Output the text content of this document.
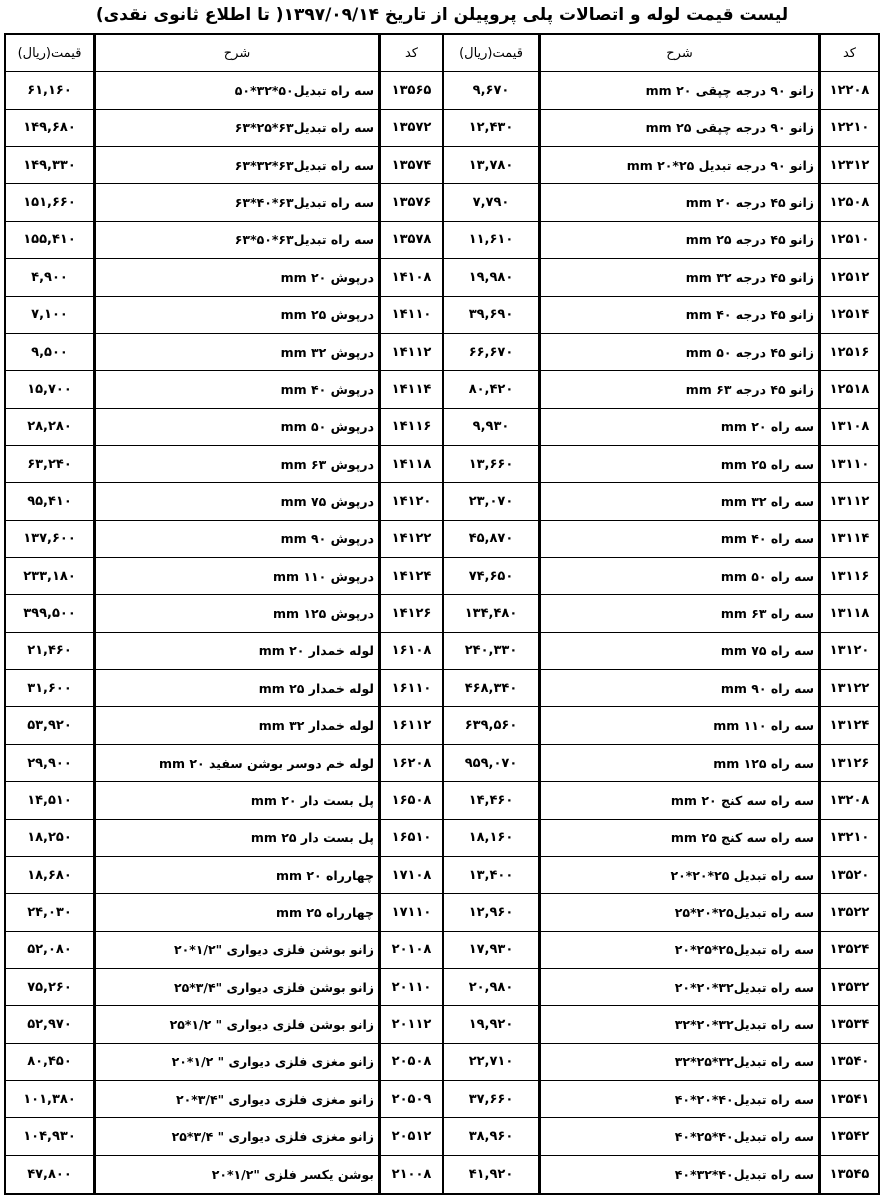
لیست قیمت لوله و اتصالات پلی پروپیلن از تاریخ ۱۳۹۷/۰۹/۱۴( تا اطلاع ثانوی نقدی)
کد
شرح
قیمت(ریال)
۱۲۲۰۸
زانو ۹۰ درجه چپقی ۲۰ mm
۹,۶۷۰
۱۲۲۱۰
زانو ۹۰ درجه چپقی ۲۵ mm
۱۲,۴۳۰
۱۲۳۱۲
زانو ۹۰ درجه تبدیل ۲۵*۲۰ mm
۱۳,۷۸۰
۱۲۵۰۸
زانو ۴۵ درجه ۲۰ mm
۷,۷۹۰
۱۲۵۱۰
زانو ۴۵ درجه ۲۵ mm
۱۱,۶۱۰
۱۲۵۱۲
زانو ۴۵ درجه ۳۲ mm
۱۹,۹۸۰
۱۲۵۱۴
زانو ۴۵ درجه ۴۰ mm
۳۹,۶۹۰
۱۲۵۱۶
زانو ۴۵ درجه ۵۰ mm
۶۶,۶۷۰
۱۲۵۱۸
زانو ۴۵ درجه ۶۳ mm
۸۰,۴۲۰
۱۳۱۰۸
سه راه ۲۰ mm
۹,۹۳۰
۱۳۱۱۰
سه راه ۲۵ mm
۱۳,۶۶۰
۱۳۱۱۲
سه راه ۳۲ mm
۲۳,۰۷۰
۱۳۱۱۴
سه راه ۴۰ mm
۴۵,۸۷۰
۱۳۱۱۶
سه راه ۵۰ mm
۷۴,۶۵۰
۱۳۱۱۸
سه راه ۶۳ mm
۱۳۴,۴۸۰
۱۳۱۲۰
سه راه ۷۵ mm
۲۴۰,۳۳۰
۱۳۱۲۲
سه راه ۹۰ mm
۴۶۸,۳۴۰
۱۳۱۲۴
سه راه ۱۱۰ mm
۶۳۹,۵۶۰
۱۳۱۲۶
سه راه ۱۲۵ mm
۹۵۹,۰۷۰
۱۳۲۰۸
سه راه سه کنج ۲۰ mm
۱۴,۴۶۰
۱۳۲۱۰
سه راه سه کنج ۲۵ mm
۱۸,۱۶۰
۱۳۵۲۰
سه راه تبدیل ۲۵*۲۰*۲۰
۱۳,۴۰۰
۱۳۵۲۲
سه راه تبدیل۲۵*۲۰*۲۵
۱۲,۹۶۰
۱۳۵۲۴
سه راه تبدیل۲۵*۲۵*۲۰
۱۷,۹۳۰
۱۳۵۳۲
سه راه تبدیل۳۲*۲۰*۲۰
۲۰,۹۸۰
۱۳۵۳۴
سه راه تبدیل۳۲*۲۰*۳۲
۱۹,۹۲۰
۱۳۵۴۰
سه راه تبدیل۳۲*۲۵*۳۲
۲۲,۷۱۰
۱۳۵۴۱
سه راه تبدیل۴۰*۲۰*۴۰
۳۷,۶۶۰
۱۳۵۴۲
سه راه تبدیل۴۰*۲۵*۴۰
۳۸,۹۶۰
۱۳۵۴۵
سه راه تبدیل۴۰*۳۲*۴۰
۴۱,۹۲۰
کد
شرح
قیمت(ریال)
۱۳۵۶۵
سه راه تبدیل۵۰*۳۲*۵۰
۶۱,۱۶۰
۱۳۵۷۲
سه راه تبدیل۶۳*۲۵*۶۳
۱۴۹,۶۸۰
۱۳۵۷۴
سه راه تبدیل۶۳*۳۲*۶۳
۱۴۹,۳۳۰
۱۳۵۷۶
سه راه تبدیل۶۳*۴۰*۶۳
۱۵۱,۶۶۰
۱۳۵۷۸
سه راه تبدیل۶۳*۵۰*۶۳
۱۵۵,۴۱۰
۱۴۱۰۸
درپوش ۲۰ mm
۴,۹۰۰
۱۴۱۱۰
درپوش ۲۵ mm
۷,۱۰۰
۱۴۱۱۲
درپوش ۳۲ mm
۹,۵۰۰
۱۴۱۱۴
درپوش ۴۰ mm
۱۵,۷۰۰
۱۴۱۱۶
درپوش ۵۰ mm
۲۸,۲۸۰
۱۴۱۱۸
درپوش ۶۳ mm
۶۳,۲۴۰
۱۴۱۲۰
درپوش ۷۵ mm
۹۵,۴۱۰
۱۴۱۲۲
درپوش ۹۰ mm
۱۳۷,۶۰۰
۱۴۱۲۴
درپوش ۱۱۰ mm
۲۳۳,۱۸۰
۱۴۱۲۶
درپوش ۱۲۵ mm
۳۹۹,۵۰۰
۱۶۱۰۸
لوله خمدار ۲۰ mm
۲۱,۴۶۰
۱۶۱۱۰
لوله خمدار ۲۵ mm
۳۱,۶۰۰
۱۶۱۱۲
لوله خمدار ۳۲ mm
۵۳,۹۲۰
۱۶۲۰۸
لوله خم دوسر بوشن سفید ۲۰ mm
۲۹,۹۰۰
۱۶۵۰۸
پل بست دار ۲۰ mm
۱۴,۵۱۰
۱۶۵۱۰
پل بست دار ۲۵ mm
۱۸,۲۵۰
۱۷۱۰۸
چهارراه ۲۰ mm
۱۸,۶۸۰
۱۷۱۱۰
چهارراه ۲۵ mm
۲۴,۰۳۰
۲۰۱۰۸
زانو بوشن فلزی دیواری "۱/۲*۲۰
۵۲,۰۸۰
۲۰۱۱۰
زانو بوشن فلزی دیواری "۳/۴*۲۵
۷۵,۲۶۰
۲۰۱۱۲
زانو بوشن فلزی دیواری " ۱/۲*۲۵
۵۲,۹۷۰
۲۰۵۰۸
زانو مغزی فلزی دیواری " ۱/۲*۲۰
۸۰,۴۵۰
۲۰۵۰۹
زانو مغزی فلزی دیواری "۳/۴*۲۰
۱۰۱,۳۸۰
۲۰۵۱۲
زانو مغزی فلزی دیواری " ۳/۴*۲۵
۱۰۴,۹۳۰
۲۱۰۰۸
بوشن یکسر فلزی "۱/۲*۲۰
۴۷,۸۰۰
